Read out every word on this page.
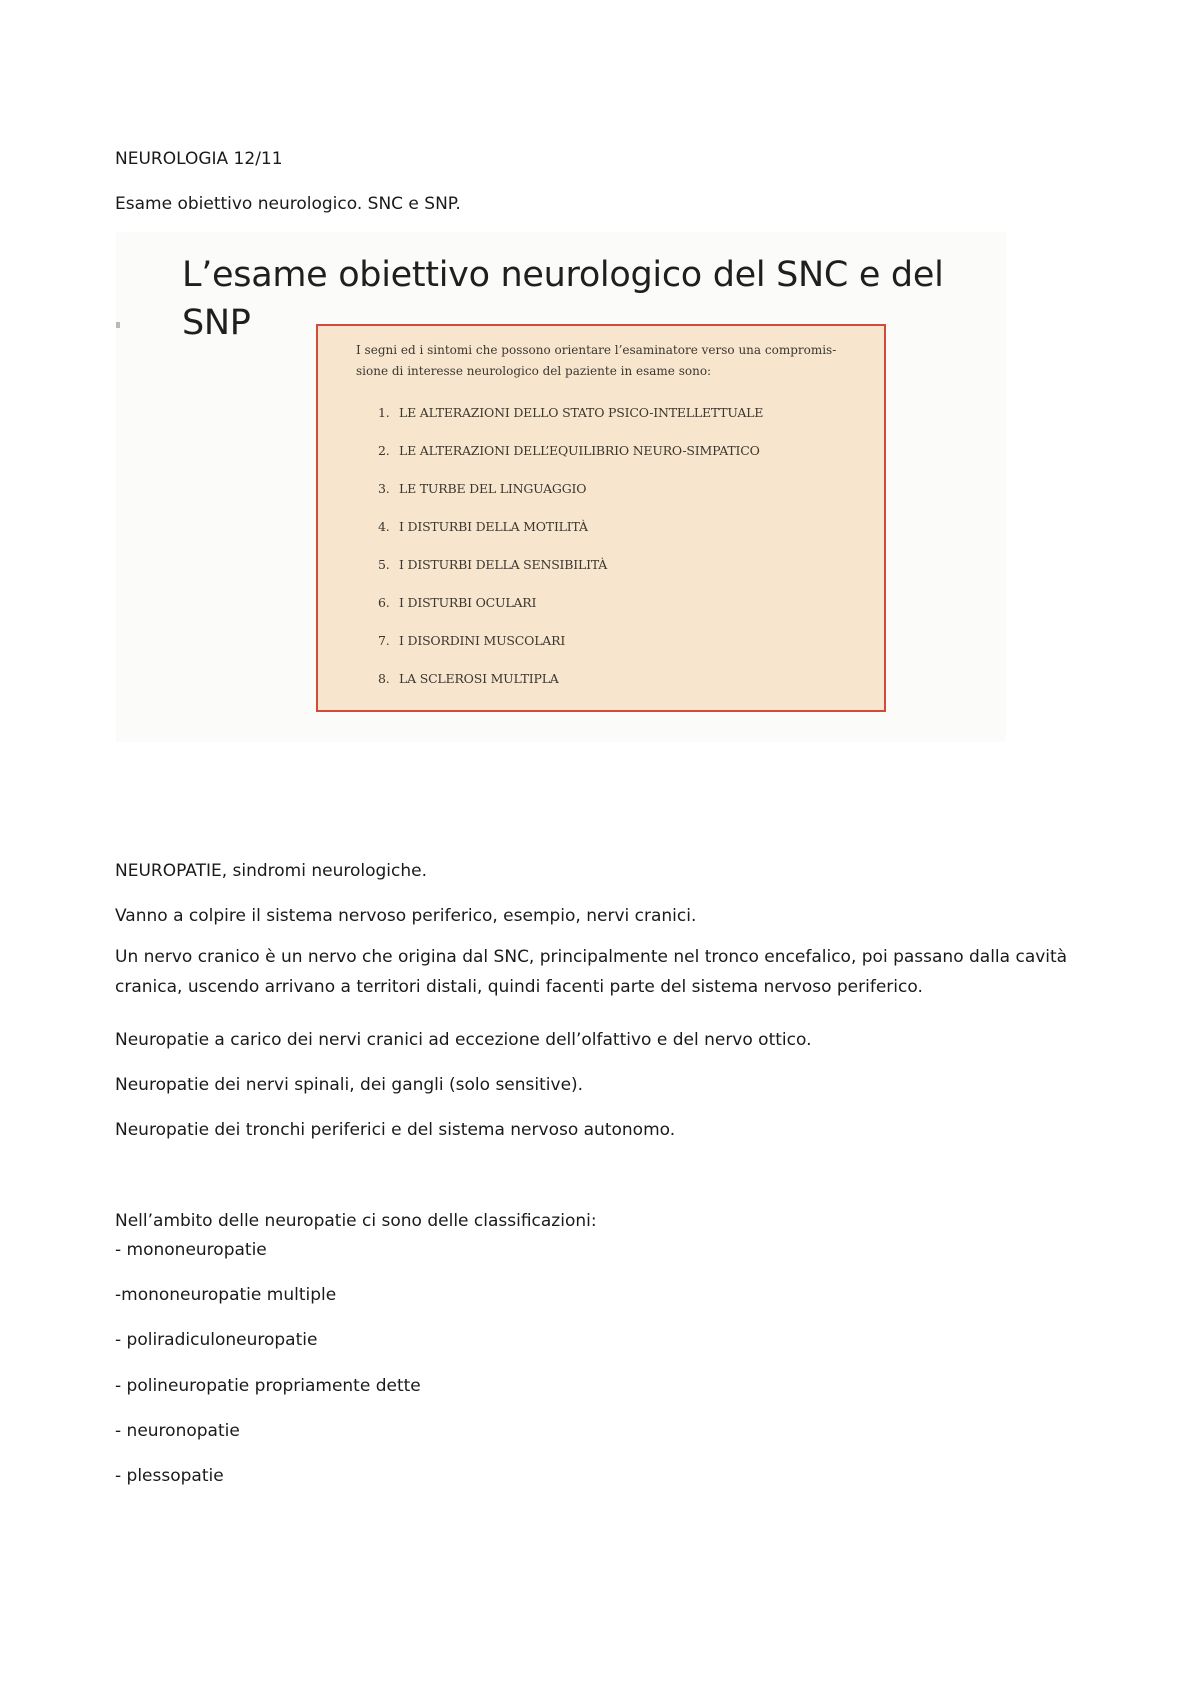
NEUROLOGIA 12/11

Esame obiettivo neurologico. SNC e SNP.

L’esame obiettivo neurologico del SNC e del
SNP

I segni ed i sintomi che possono orientare l’esaminatore verso una compromis-sione di interesse neurologico del paziente in esame sono:

1. LE ALTERAZIONI DELLO STATO PSICO-INTELLETTUALE
2. LE ALTERAZIONI DELL’EQUILIBRIO NEURO-SIMPATICO
3. LE TURBE DEL LINGUAGGIO
4. I DISTURBI DELLA MOTILITÀ
5. I DISTURBI DELLA SENSIBILITÀ
6. I DISTURBI OCULARI
7. I DISORDINI MUSCOLARI
8. LA SCLEROSI MULTIPLA

NEUROPATIE, sindromi neurologiche.

Vanno a colpire il sistema nervoso periferico, esempio, nervi cranici.

Un nervo cranico è un nervo che origina dal SNC, principalmente nel tronco encefalico, poi passano dalla cavità cranica, uscendo arrivano a territori distali, quindi facenti parte del sistema nervoso periferico.

Neuropatie a carico dei nervi cranici ad eccezione dell’olfattivo e del nervo ottico.

Neuropatie dei nervi spinali, dei gangli (solo sensitive).

Neuropatie dei tronchi periferici e del sistema nervoso autonomo.

Nell’ambito delle neuropatie ci sono delle classificazioni:

- mononeuropatie
-mononeuropatie multiple
- poliradiculoneuropatie
- polineuropatie propriamente dette
- neuronopatie
- plessopatie
